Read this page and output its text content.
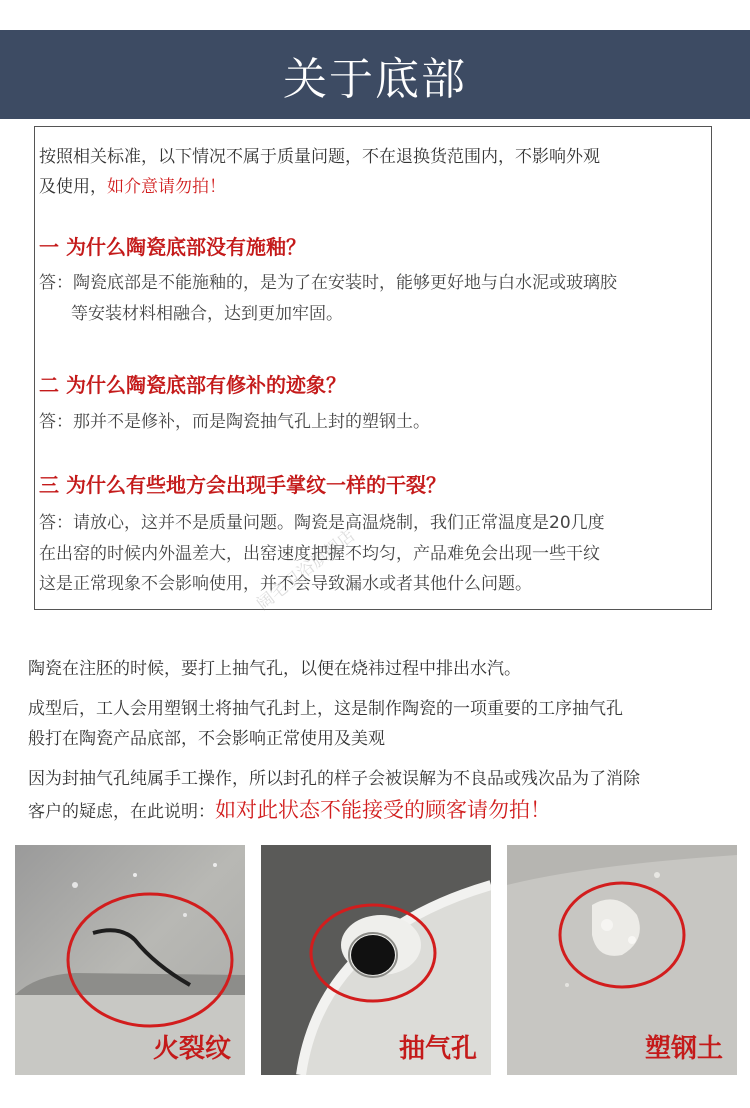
关于底部
按照相关标准，以下情况不属于质量问题，不在退换货范围内，不影响外观
及使用，如介意请勿拍！
一 为什么陶瓷底部没有施釉？
答：陶瓷底部是不能施釉的，是为了在安装时，能够更好地与白水泥或玻璃胶
等安装材料相融合，达到更加牢固。
二 为什么陶瓷底部有修补的迹象？
答：那并不是修补，而是陶瓷抽气孔上封的塑钢土。
三 为什么有些地方会出现手掌纹一样的干裂？
答：请放心，这并不是质量问题。陶瓷是高温烧制，我们正常温度是20几度
在出窑的时候内外温差大，出窑速度把握不均匀，产品难免会出现一些干纹
这是正常现象不会影响使用，并不会导致漏水或者其他什么问题。
阔宅卫浴旗舰店
陶瓷在注胚的时候，要打上抽气孔，以便在烧祎过程中排出水汽。
成型后，工人会用塑钢土将抽气孔封上，这是制作陶瓷的一项重要的工序抽气孔
般打在陶瓷产品底部，不会影响正常使用及美观
因为封抽气孔纯属手工操作，所以封孔的样子会被误解为不良品或残次品为了消除
客户的疑虑，在此说明：如对此状态不能接受的顾客请勿拍！
火裂纹	抽气孔	塑钢土
